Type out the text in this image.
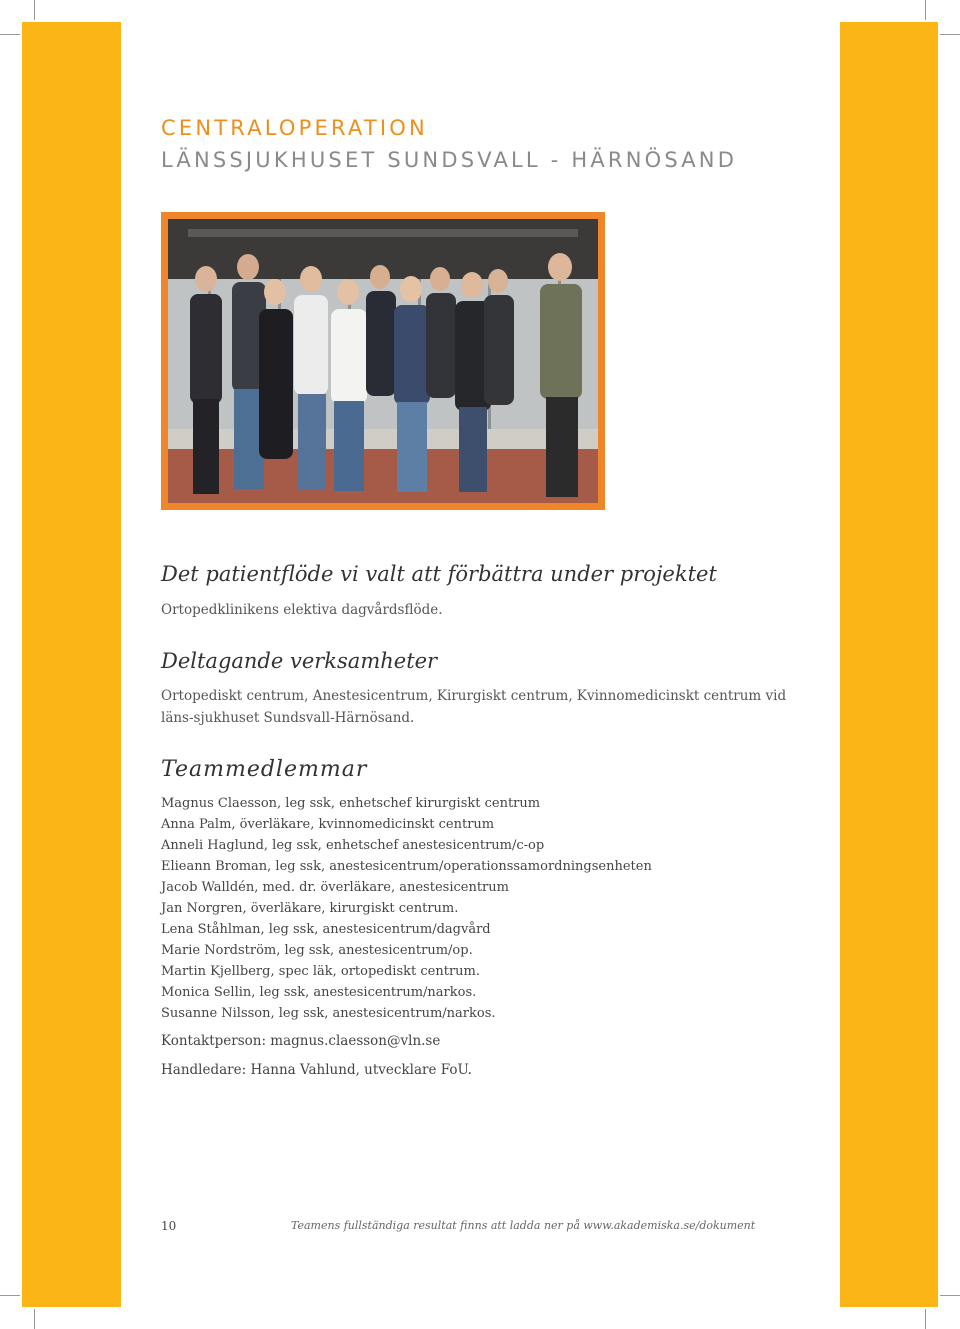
CENTRALOPERATION
LÄNSSJUKHUSET SUNDSVALL - HÄRNÖSAND
Det patientflöde vi valt att förbättra under projektet
Ortopedklinikens elektiva dagvårdsflöde.
Deltagande verksamheter
Ortopediskt centrum, Anestesicentrum, Kirurgiskt centrum, Kvinnomedicinskt centrum vid läns-sjukhuset Sundsvall-Härnösand.
Teammedlemmar
Magnus Claesson, leg ssk, enhetschef kirurgiskt centrum
Anna Palm, överläkare, kvinnomedicinskt centrum
Anneli Haglund, leg ssk, enhetschef anestesicentrum/c-op
Elieann Broman, leg ssk, anestesicentrum/operationssamordningsenheten
Jacob Walldén, med. dr. överläkare, anestesicentrum
Jan Norgren, överläkare, kirurgiskt centrum.
Lena Ståhlman, leg ssk, anestesicentrum/dagvård
Marie Nordström, leg ssk, anestesicentrum/op.
Martin Kjellberg, spec läk, ortopediskt centrum.
Monica Sellin, leg ssk, anestesicentrum/narkos.
Susanne Nilsson, leg ssk, anestesicentrum/narkos.
Kontaktperson: magnus.claesson@vln.se
Handledare: Hanna Vahlund, utvecklare FoU.
10	Teamens fullständiga resultat finns att ladda ner på www.akademiska.se/dokument
